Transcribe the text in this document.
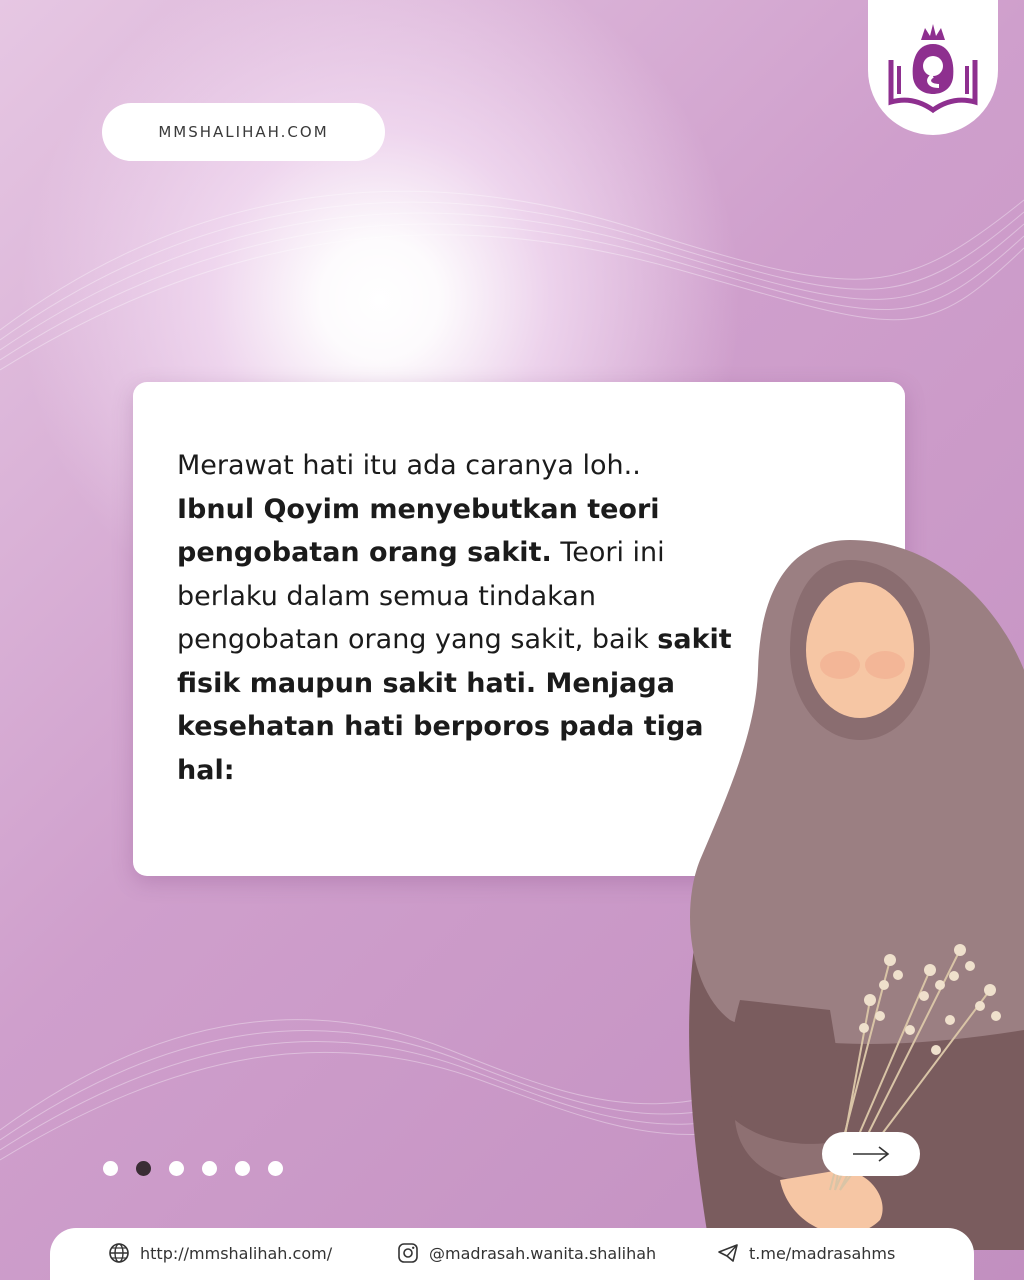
MMSHALIHAH.COM
Merawat hati itu ada caranya loh..
Ibnul Qoyim menyebutkan teori pengobatan orang sakit. Teori ini berlaku dalam semua tindakan pengobatan orang yang sakit, baik sakit fisik maupun sakit hati. Menjaga kesehatan hati berporos pada tiga hal:
http://mmshalihah.com/	@madrasah.wanita.shalihah	t.me/madrasahms
